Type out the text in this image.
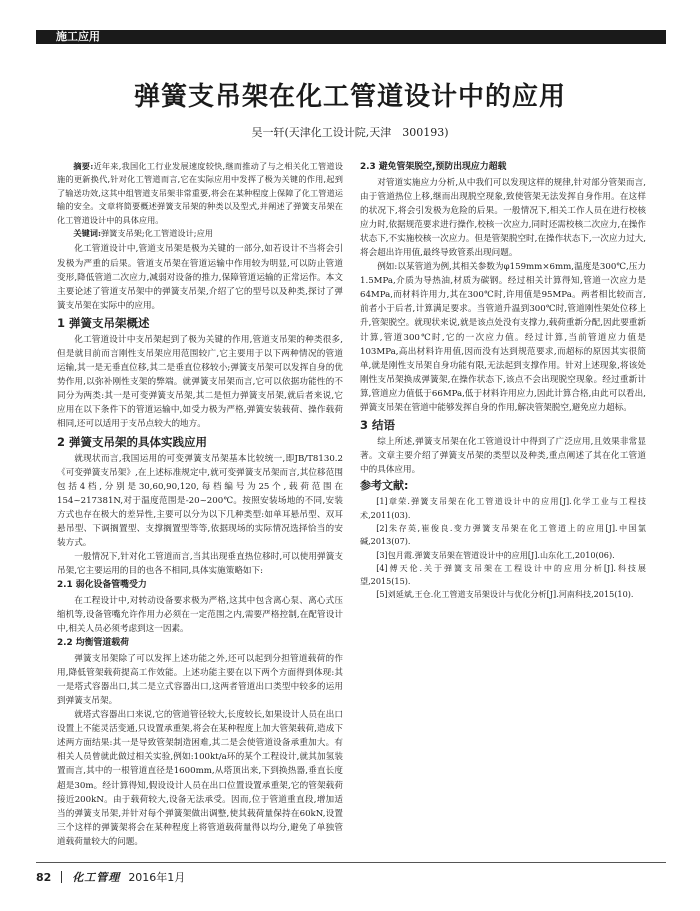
施工应用
弹簧支吊架在化工管道设计中的应用
吴一轩(天津化工设计院,天津　300193)

摘要:近年来,我国化工行业发展速度较快,继而推动了与之相关化工管道设施的更新换代,针对化工管道而言,它在实际应用中发挥了极为关键的作用,起到了输送功效,这其中组管道支吊架非常重要,将会在某种程度上保障了化工管道运输的安全。文章将简要概述弹簧支吊架的种类以及型式,并阐述了弹簧支吊架在化工管道设计中的具体应用。

关键词:弹簧支吊架;化工管道设计;应用

化工管道设计中,管道支吊架是极为关键的一部分,如若设计不当将会引发极为严重的后果。管道支吊架在管道运输中作用较为明显,可以防止管道变形,降低管道二次应力,减弱对设备的推力,保障管道运输的正常运作。本文主要论述了管道支吊架中的弹簧支吊架,介绍了它的型号以及种类,探讨了弹簧支吊架在实际中的应用。

1 弹簧支吊架概述

化工管道设计中支吊架起到了极为关键的作用,管道支吊架的种类很多,但是就目前而言刚性支吊架应用范围较广,它主要用于以下两种情况的管道运输,其一是无垂直位移,其二是垂直位移较小;弹簧支吊架可以发挥自身的优势作用,以弥补刚性支架的弊端。就弹簧支吊架而言,它可以依据功能性的不同分为两类:其一是可变弹簧支吊架,其二是恒力弹簧支吊架,就后者来说,它应用在以下条件下的管道运输中,如受力极为严格,弹簧安装载荷、操作载荷相同,还可以适用于支吊点较大的地方。

2 弹簧支吊架的具体实践应用

就现状而言,我国运用的可变弹簧支吊架基本比较统一,即JB/T8130.2《可变弹簧支吊架》,在上述标准规定中,就可变弹簧支吊架而言,其位移范围包括4档,分别是30,60,90,120,每档编号为25个,载荷范围在154~217381N,对于温度范围是-20~200℃。按照安装场地的不同,安装方式也存在极大的差异性,主要可以分为以下几种类型:如单耳悬吊型、双耳悬吊型、下调搁置型、支撑搁置型等等,依据现场的实际情况选择恰当的安装方式。

一般情况下,针对化工管道而言,当其出现垂直热位移时,可以使用弹簧支吊架,它主要运用的目的也各不相同,具体实施策略如下:

2.1 弱化设备管嘴受力

在工程设计中,对转动设备要求极为严格,这其中包含离心泵、离心式压缩机等,设备管嘴允许作用力必须在一定范围之内,需要严格控制,在配管设计中,相关人员必须考虑到这一因素。

2.2 均衡管道载荷

弹簧支吊架除了可以发挥上述功能之外,还可以起到分担管道载荷的作用,降低管架载荷提高工作效能。上述功能主要在以下两个方面得到体现:其一是塔式容器出口,其二是立式容器出口,这两者管道出口类型中较多的运用到弹簧支吊架。

就塔式容器出口来说,它的管道管径较大,长度较长,如果设计人员在出口设置上不能灵活变通,只设置承重架,将会在某种程度上加大管架载荷,造成下述两方面结果:其一是导致管架制造困难,其二是会使管道设备承重加大。有相关人员曾就此做过相关实验,例如:100kt/a环的某个工程设计,就其加氢装置而言,其中的一根管道直径是1600mm,从塔顶出来,下到换热器,垂直长度超是30m。经计算得知,假设设计人员在出口位置设置承重架,它的管架载荷接近200kN。由于载荷较大,设备无法承受。因而,位于管道重直段,增加适当的弹簧支吊架,并针对每个弹簧架做出调整,使其载荷量保持在60kN,设置三个这样的弹簧架将会在某种程度上将管道载荷量得以均分,避免了单独管道载荷量较大的问题。

2.3 避免管架脱空,预防出现应力超载

对管道实施应力分析,从中我们可以发现这样的规律,针对部分管架而言,由于管道热位上移,继而出现脱空现象,致使管架无法发挥自身作用。在这样的状况下,将会引发极为危险的后果。一般情况下,相关工作人员在进行校核应力时,依据规范要求进行操作,校核一次应力,同时还需校核二次应力,在操作状态下,不实施校核一次应力。但是管架脱空时,在操作状态下,一次应力过大,将会超出许用值,最终导致管系出现问题。

例如:以某管道为例,其相关参数为φ159mm×6mm,温度是300℃,压力1.5MPa,介质为导热油,材质为碳钢。经过相关计算得知,管道一次应力是64MPa,而材料许用力,其在300℃时,许用值是95MPa。两者相比较而言,前者小于后者,计算满足要求。当管道升温到300℃时,管道刚性架处位移上升,管架脱空。就现状来说,就是该点处没有支撑力,载荷重新分配,因此要重新计算,管道300℃时,它的一次应力值。经过计算,当前管道应力值是103MPa,高出材料许用值,因而没有达到规范要求,而超标的原因其实很简单,就是刚性支吊架自身功能有限,无法起到支撑作用。针对上述现象,将该处刚性支吊架换成弹簧架,在操作状态下,该点不会出现脱空现象。经过重新计算,管道应力值低于66MPa,低于材料许用应力,因此计算合格,由此可以看出,弹簧支吊架在管道中能够发挥自身的作用,解决管架脱空,避免应力超标。

3 结语

综上所述,弹簧支吊架在化工管道设计中得到了广泛应用,且效果非常显著。文章主要介绍了弹簧支吊架的类型以及种类,重点阐述了其在化工管道中的具体应用。

参考文献:

[1]章荣.弹簧支吊架在化工管道设计中的应用[J].化学工业与工程技术,2011(03).

[2]朱存英,崔俊良.变力弹簧支吊架在化工管道上的应用[J].中国氯碱,2013(07).

[3]包月霞.弹簧支吊架在管道设计中的应用[J].山东化工,2010(06).

[4]傅天伦.关于弹簧支吊架在工程设计中的应用分析[J].科技展望,2015(15).

[5]刘延斌,王仓.化工管道支吊架设计与优化分析[J].河南科技,2015(10).

82 化工管理 2016年1月
